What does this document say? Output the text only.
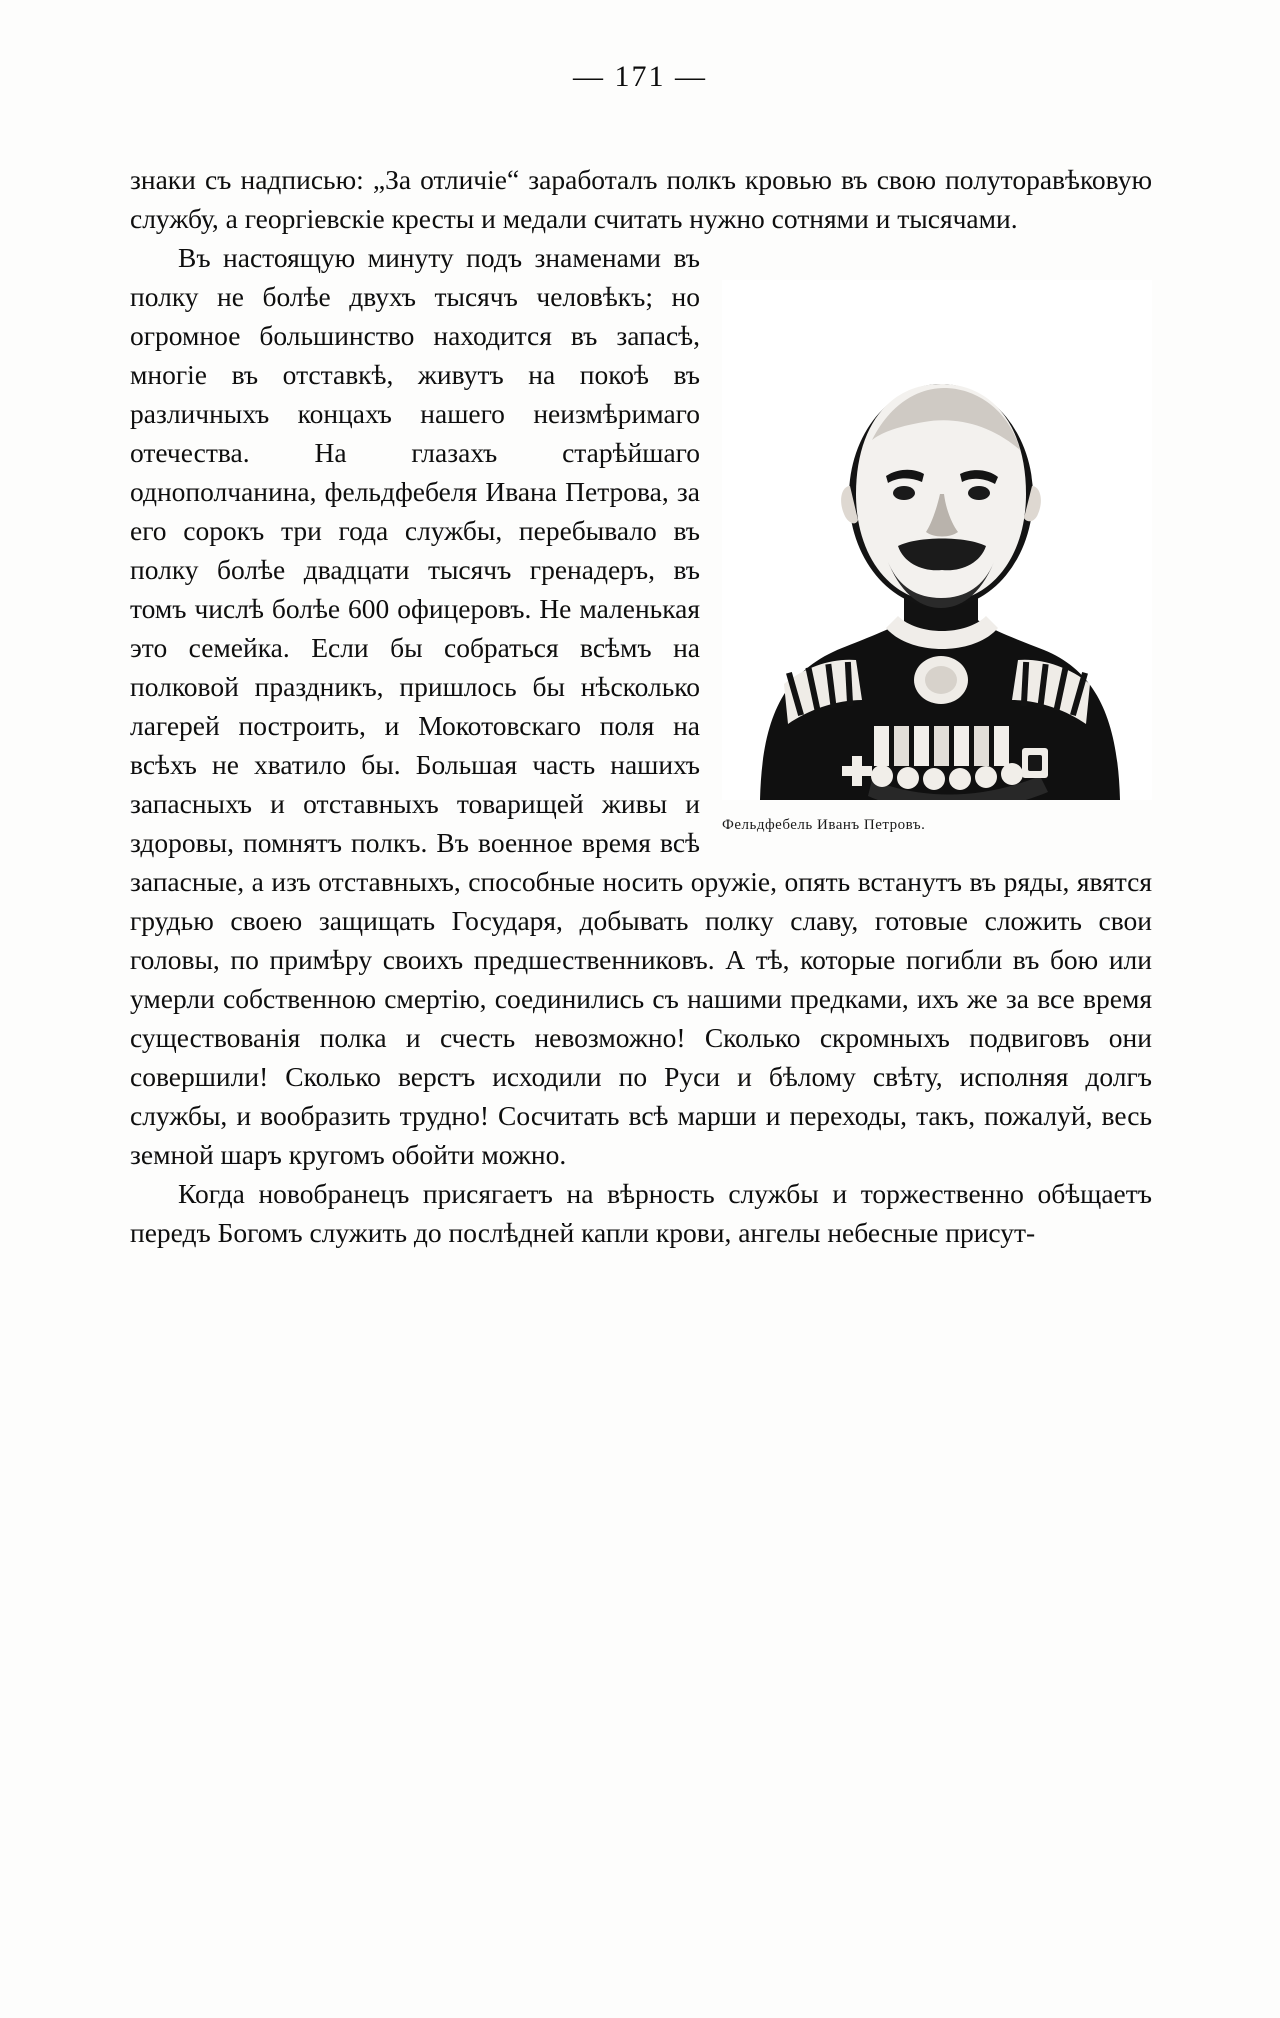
— 171 —

знаки съ надписью: „За отличіе“ заработалъ полкъ кровью въ свою полуторавѣковую службу, а георгіевскіе кресты и медали считать нужно сотнями и тысячами.

Фельдфебель Иванъ Петровъ.
Въ настоящую минуту подъ знаменами въ полку не болѣе двухъ тысячъ человѣкъ; но огромное большинство находится въ запасѣ, многіе въ отставкѣ, живутъ на покоѣ въ различныхъ концахъ нашего неизмѣримаго отечества. На глазахъ старѣйшаго однополчанина, фельдфебеля Ивана Петрова, за его сорокъ три года службы, перебывало въ полку болѣе двадцати тысячъ гренадеръ, въ томъ числѣ болѣе 600 офицеровъ. Не маленькая это семейка. Если бы собраться всѣмъ на полковой праздникъ, пришлось бы нѣсколько лагерей построить, и Мокотовскаго поля на всѣхъ не хватило бы. Большая часть нашихъ запасныхъ и отставныхъ товарищей живы и здоровы, помнятъ полкъ. Въ военное время всѣ запасные, а изъ отставныхъ, способные носить оружіе, опять встанутъ въ ряды, явятся грудью своею защищать Государя, добывать полку славу, готовые сложить свои головы, по примѣру своихъ предшественниковъ. А тѣ, которые погибли въ бою или умерли собственною смертію, соединились съ нашими предками, ихъ же за все время существованія полка и счесть невозможно! Сколько скромныхъ подвиговъ они совершили! Сколько верстъ исходили по Руси и бѣлому свѣту, исполняя долгъ службы, и вообразить трудно! Сосчитать всѣ марши и переходы, такъ, пожалуй, весь земной шаръ кругомъ обойти можно.

Когда новобранецъ присягаетъ на вѣрность службы и торжественно обѣщаетъ передъ Богомъ служить до послѣдней капли крови, ангелы небесные присут-
